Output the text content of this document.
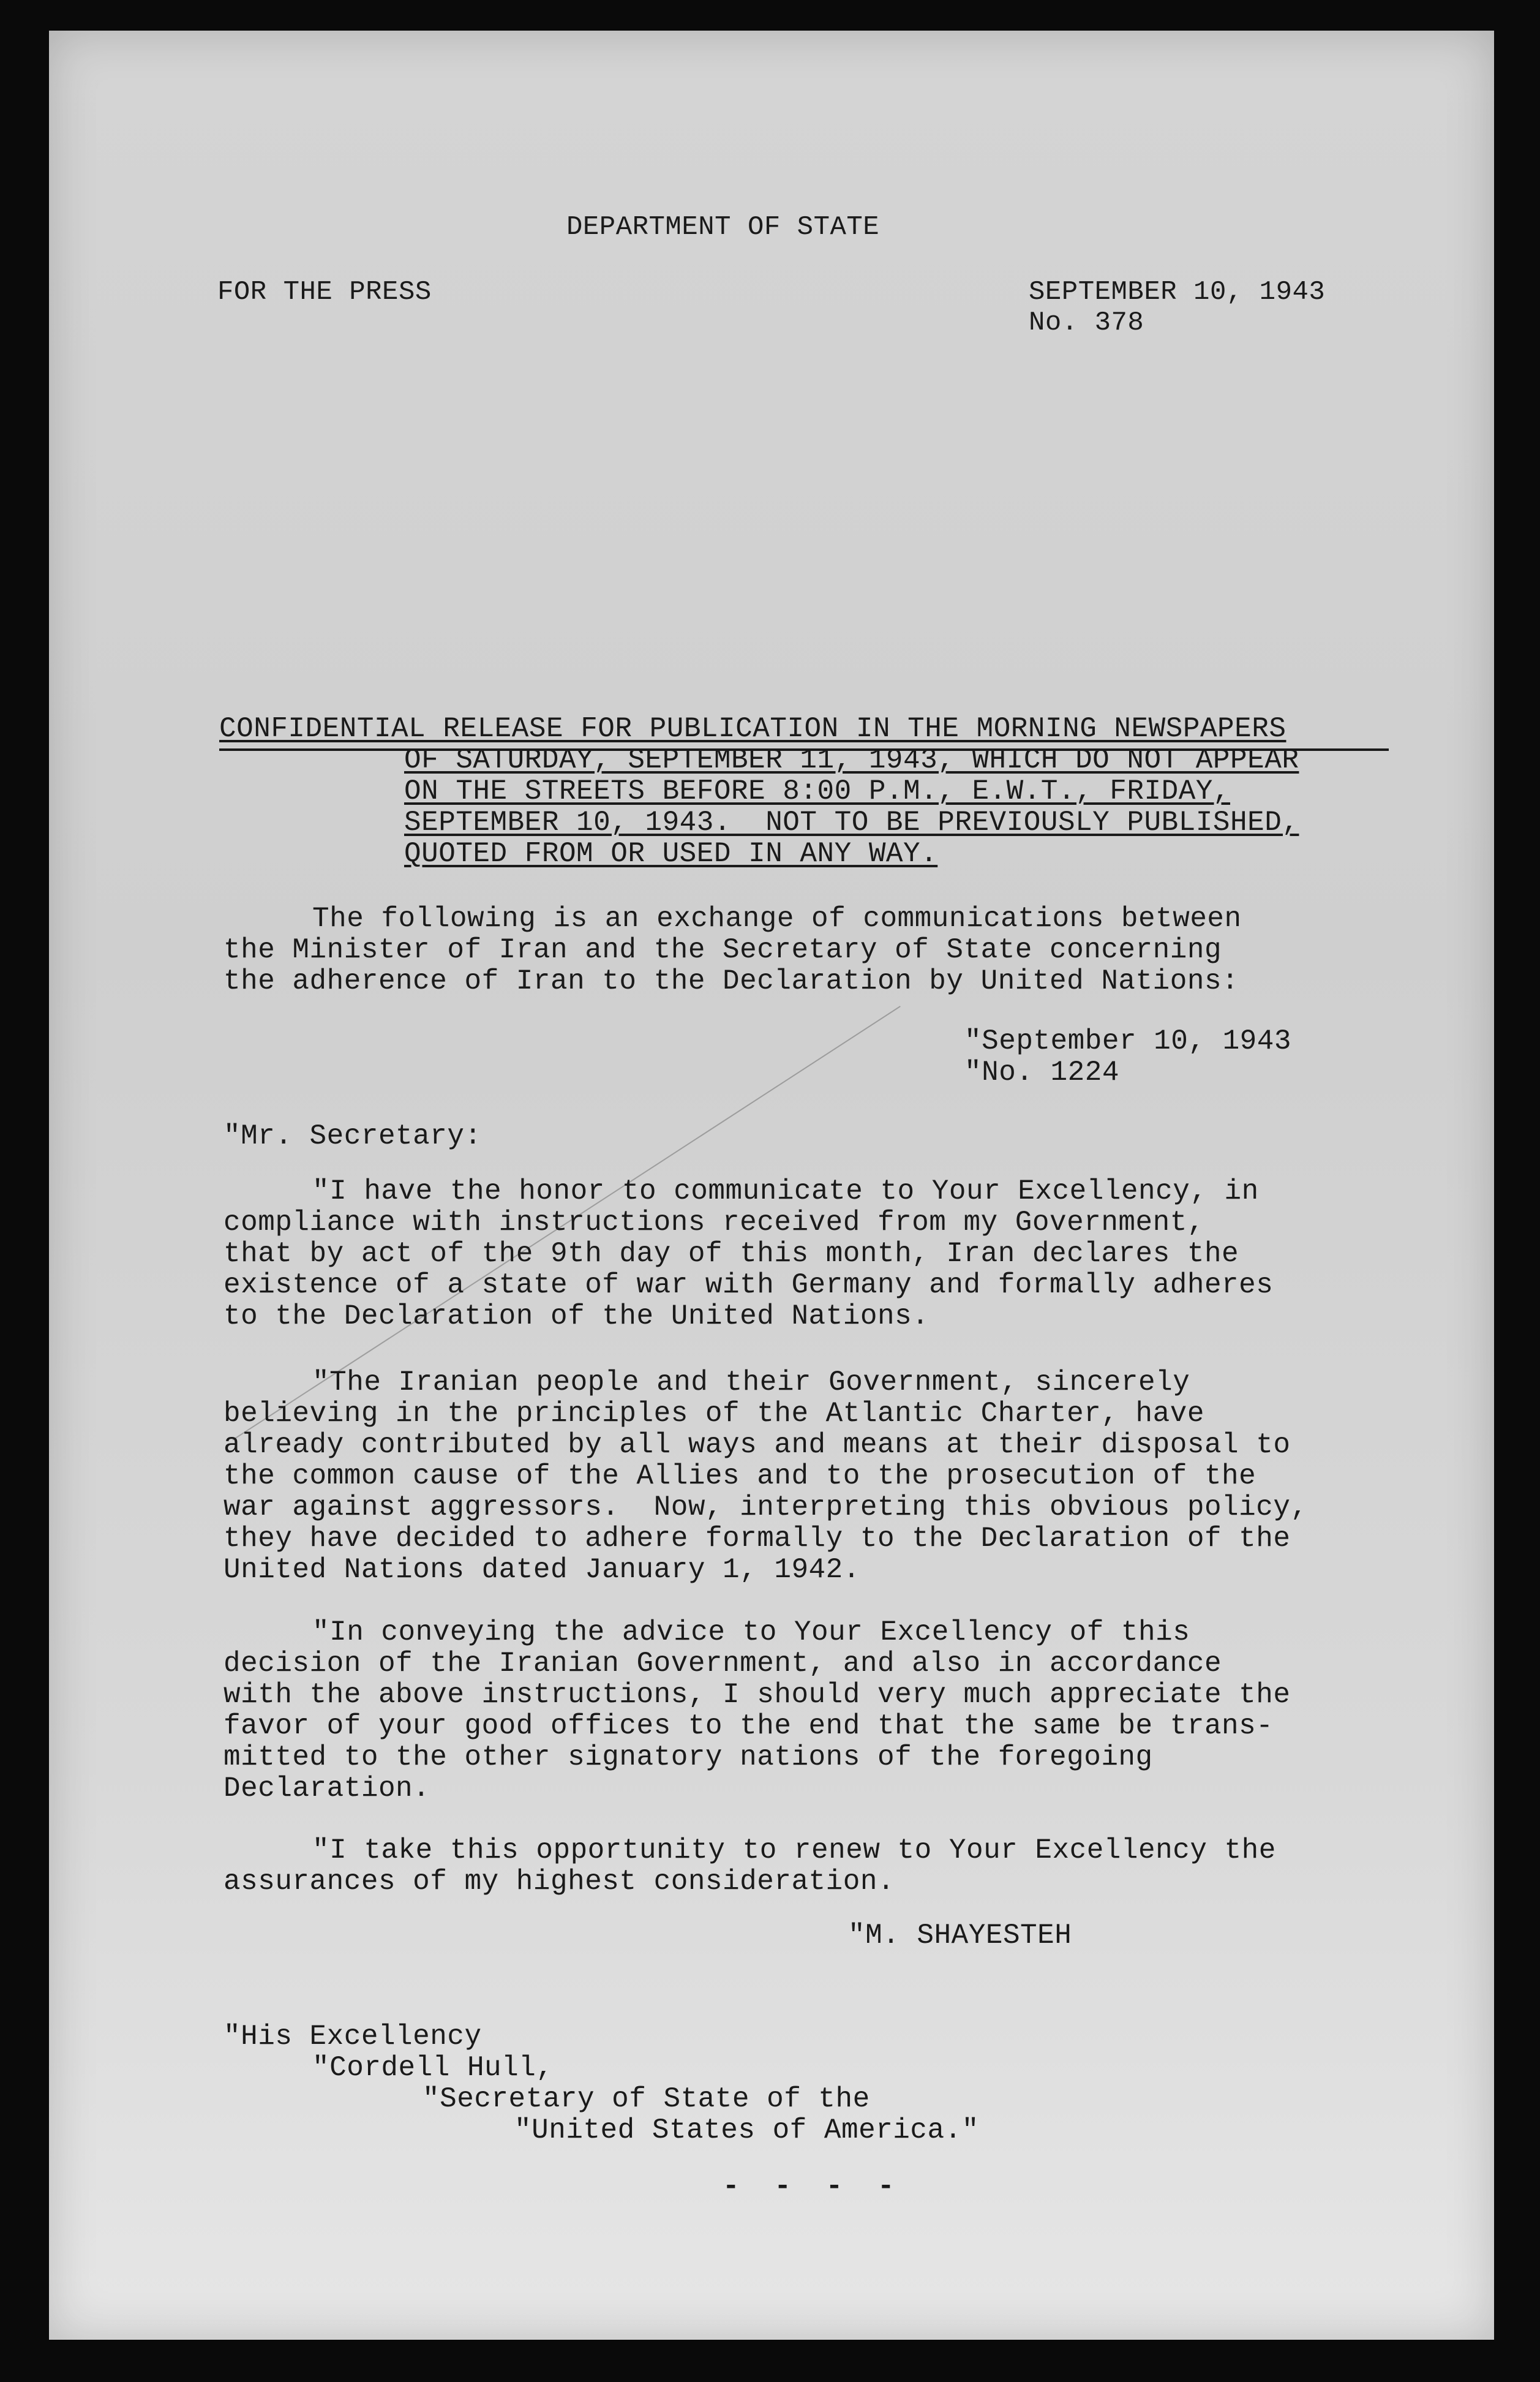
DEPARTMENT OF STATE

FOR THE PRESS	SEPTEMBER 10, 1943

No. 378

CONFIDENTIAL RELEASE FOR PUBLICATION IN THE MORNING NEWSPAPERS

OF SATURDAY, SEPTEMBER 11, 1943, WHICH DO NOT APPEAR

ON THE STREETS BEFORE 8:00 P.M., E.W.T., FRIDAY,

SEPTEMBER 10, 1943.  NOT TO BE PREVIOUSLY PUBLISHED,

QUOTED FROM OR USED IN ANY WAY.

The following is an exchange of communications between

the Minister of Iran and the Secretary of State concerning

the adherence of Iran to the Declaration by United Nations:

"September 10, 1943

"No. 1224

"Mr. Secretary:

"I have the honor to communicate to Your Excellency, in

compliance with instructions received from my Government,

that by act of the 9th day of this month, Iran declares the

existence of a state of war with Germany and formally adheres

to the Declaration of the United Nations.

"The Iranian people and their Government, sincerely

believing in the principles of the Atlantic Charter, have

already contributed by all ways and means at their disposal to

the common cause of the Allies and to the prosecution of the

war against aggressors.  Now, interpreting this obvious policy,

they have decided to adhere formally to the Declaration of the

United Nations dated January 1, 1942.

"In conveying the advice to Your Excellency of this

decision of the Iranian Government, and also in accordance

with the above instructions, I should very much appreciate the

favor of your good offices to the end that the same be trans-

mitted to the other signatory nations of the foregoing

Declaration.

"I take this opportunity to renew to Your Excellency the

assurances of my highest consideration.

"M. SHAYESTEH

"His Excellency

"Cordell Hull,

"Secretary of State of the

"United States of America."

-  -  -  -
